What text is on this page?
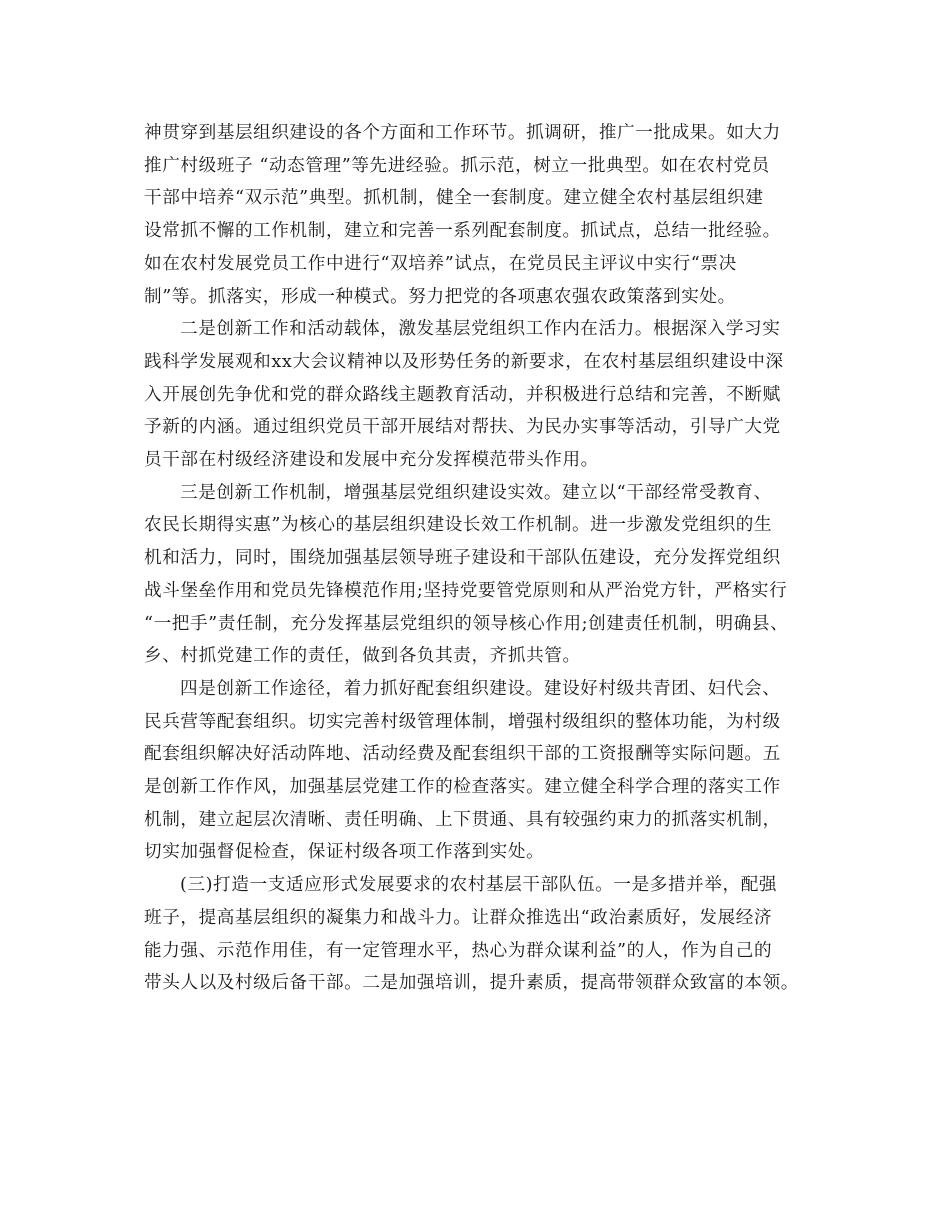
神贯穿到基层组织建设的各个方面和工作环节。抓调研，推广一批成果。如大力
推广村级班子 “动态管理”等先进经验。抓示范，树立一批典型。如在农村党员
干部中培养“双示范”典型。抓机制，健全一套制度。建立健全农村基层组织建
设常抓不懈的工作机制，建立和完善一系列配套制度。抓试点，总结一批经验。
如在农村发展党员工作中进行“双培养”试点，在党员民主评议中实行“票决
制”等。抓落实，形成一种模式。努力把党的各项惠农强农政策落到实处。
二是创新工作和活动载体，激发基层党组织工作内在活力。根据深入学习实
践科学发展观和xx大会议精神以及形势任务的新要求，在农村基层组织建设中深
入开展创先争优和党的群众路线主题教育活动，并积极进行总结和完善，不断赋
予新的内涵。通过组织党员干部开展结对帮扶、为民办实事等活动，引导广大党
员干部在村级经济建设和发展中充分发挥模范带头作用。
三是创新工作机制，增强基层党组织建设实效。建立以“干部经常受教育、
农民长期得实惠”为核心的基层组织建设长效工作机制。进一步激发党组织的生
机和活力，同时，围绕加强基层领导班子建设和干部队伍建设，充分发挥党组织
战斗堡垒作用和党员先锋模范作用;坚持党要管党原则和从严治党方针，严格实行
“一把手”责任制，充分发挥基层党组织的领导核心作用;创建责任机制，明确县、
乡、村抓党建工作的责任，做到各负其责，齐抓共管。
四是创新工作途径，着力抓好配套组织建设。建设好村级共青团、妇代会、
民兵营等配套组织。切实完善村级管理体制，增强村级组织的整体功能，为村级
配套组织解决好活动阵地、活动经费及配套组织干部的工资报酬等实际问题。五
是创新工作作风，加强基层党建工作的检查落实。建立健全科学合理的落实工作
机制，建立起层次清晰、责任明确、上下贯通、具有较强约束力的抓落实机制，
切实加强督促检查，保证村级各项工作落到实处。
(三)打造一支适应形式发展要求的农村基层干部队伍。一是多措并举，配强
班子，提高基层组织的凝集力和战斗力。让群众推选出“政治素质好，发展经济
能力强、示范作用佳，有一定管理水平，热心为群众谋利益”的人，作为自己的
带头人以及村级后备干部。二是加强培训，提升素质，提高带领群众致富的本领。
